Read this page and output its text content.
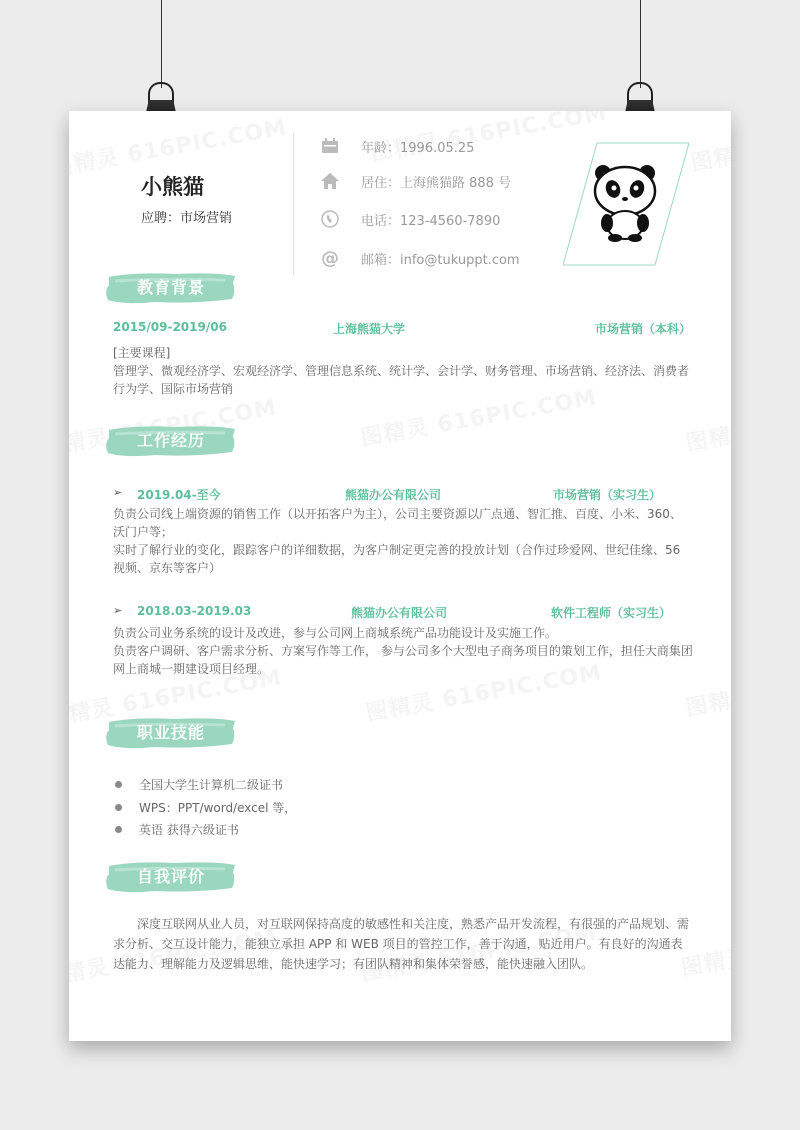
小熊猫
应聘：市场营销
年龄：1996.05.25
居住：上海熊猫路 888 号
电话：123-4560-7890
@ 邮箱：info@tukuppt.com
教育背景
2015/09-2019/06	上海熊猫大学	市场营销（本科）

[主要课程]

管理学、微观经济学、宏观经济学、管理信息系统、统计学、会计学、财务管理、市场营销、经济法、消费者行为学、国际市场营销

工作经历
➢ 2019.04-至今	熊猫办公有限公司	市场营销（实习生）

负责公司线上端资源的销售工作（以开拓客户为主），公司主要资源以广点通、智汇推、百度、小米、360、沃门户等；

实时了解行业的变化，跟踪客户的详细数据，为客户制定更完善的投放计划（合作过珍爱网、世纪佳缘、56 视频、京东等客户）

➢ 2018.03-2019.03	熊猫办公有限公司	软件工程师（实习生）

负责公司业务系统的设计及改进，参与公司网上商城系统产品功能设计及实施工作。

负责客户调研、客户需求分析、方案写作等工作， 参与公司多个大型电子商务项目的策划工作，担任大商集团网上商城一期建设项目经理。

职业技能
全国大学生计算机二级证书
WPS：PPT/word/excel 等，
英语 获得六级证书
自我评价

深度互联网从业人员，对互联网保持高度的敏感性和关注度，熟悉产品开发流程，有很强的产品规划、需求分析、交互设计能力，能独立承担 APP 和 WEB 项目的管控工作，善于沟通，贴近用户。有良好的沟通表达能力、理解能力及逻辑思维，能快速学习；有团队精神和集体荣誉感，能快速融入团队。
